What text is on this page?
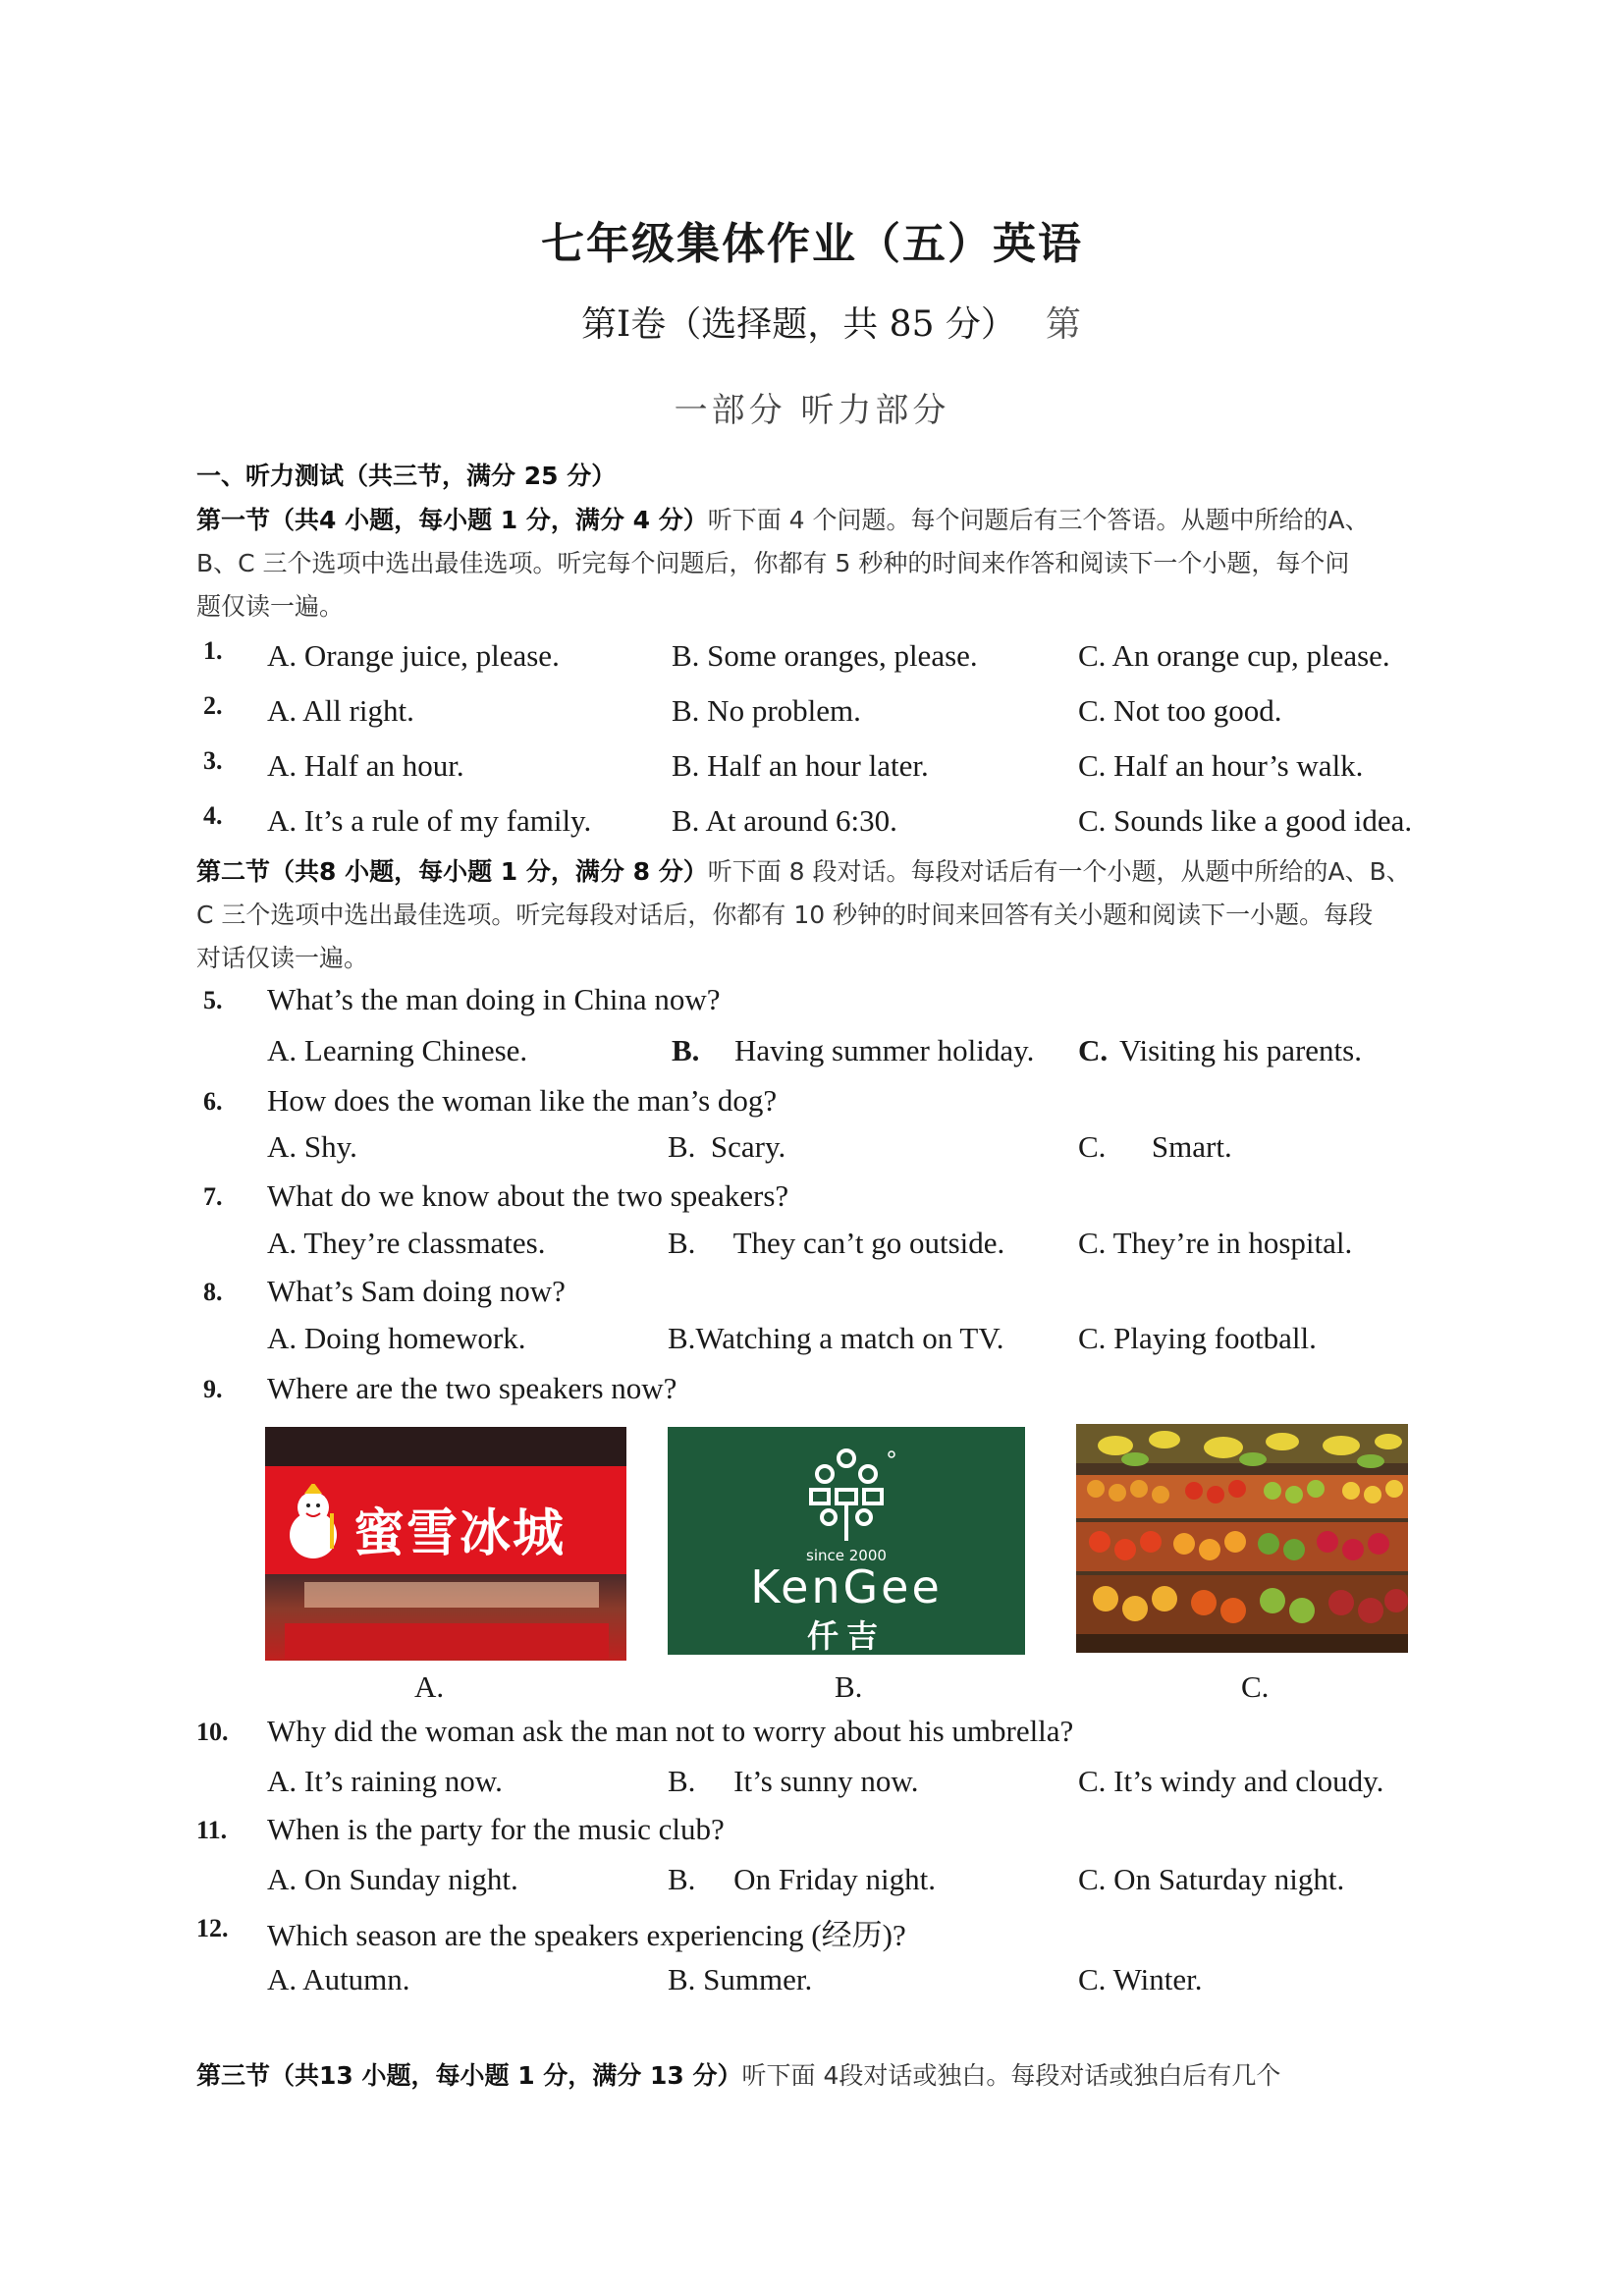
七年级集体作业（五）英语
第Ⅰ卷（选择题，共 85 分） 第
一部分 听力部分
一、听力测试（共三节，满分 25 分）
第一节（共4 小题，每小题 1 分，满分 4 分）听下面 4 个问题。每个问题后有三个答语。从题中所给的A、
B、C 三个选项中选出最佳选项。听完每个问题后，你都有 5 秒种的时间来作答和阅读下一个小题，每个问
题仅读一遍。
1. A. Orange juice, please.	B. Some oranges, please.	C. An orange cup, please.
2. A. All right.	B. No problem.	C. Not too good.
3. A. Half an hour.	B. Half an hour later.	C. Half an hour’s walk.
4. A. It’s a rule of my family.	B. At around 6:30.	C. Sounds like a good idea.
第二节（共8 小题，每小题 1 分，满分 8 分）听下面 8 段对话。每段对话后有一个小题，从题中所给的A、B、
C 三个选项中选出最佳选项。听完每段对话后，你都有 10 秒钟的时间来回答有关小题和阅读下一小题。每段
对话仅读一遍。
5. What’s the man doing in China now?
A. Learning Chinese.	B. Having summer holiday. C. Visiting his parents.
6. How does the woman like the man’s dog?
A. Shy.	B.  Scary.	C.      Smart.
7. What do we know about the two speakers?
A. They’re classmates.	B.     They can’t go outside. C. They’re in hospital.
8. What’s Sam doing now?
A. Doing homework.	B.Watching a match on TV. C. Playing football.
9. Where are the two speakers now?
蜜雪冰城	since 2000
KenGee
仟吉
A.	B.	C.
10. Why did the woman ask the man not to worry about his umbrella?
A. It’s raining now.	B.     It’s sunny now.	C. It’s windy and cloudy.
11. When is the party for the music club?
A. On Sunday night.	B.     On Friday night.	C. On Saturday night.
12. Which season are the speakers experiencing (经历)?
A. Autumn.	B. Summer.	C. Winter.
第三节（共13 小题，每小题 1 分，满分 13 分）听下面 4段对话或独白。每段对话或独白后有几个
